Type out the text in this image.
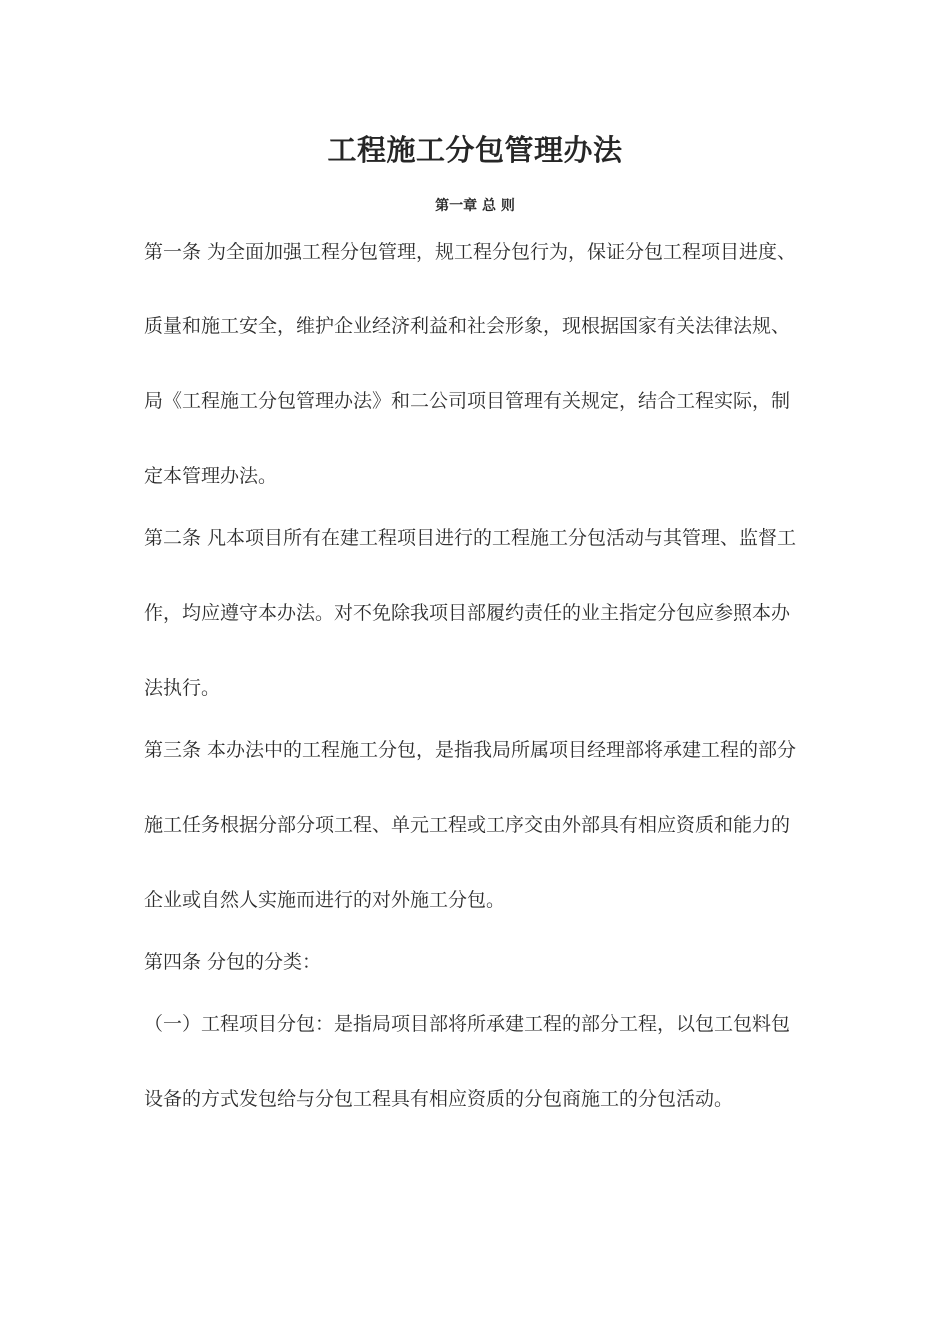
工程施工分包管理办法
第一章 总 则
第一条 为全面加强工程分包管理，规工程分包行为，保证分包工程项目进度、
质量和施工安全，维护企业经济利益和社会形象，现根据国家有关法律法规、
局《工程施工分包管理办法》和二公司项目管理有关规定，结合工程实际，制
定本管理办法。
第二条 凡本项目所有在建工程项目进行的工程施工分包活动与其管理、监督工
作，均应遵守本办法。对不免除我项目部履约责任的业主指定分包应参照本办
法执行。
第三条 本办法中的工程施工分包，是指我局所属项目经理部将承建工程的部分
施工任务根据分部分项工程、单元工程或工序交由外部具有相应资质和能力的
企业或自然人实施而进行的对外施工分包。
第四条 分包的分类：
（一）工程项目分包：是指局项目部将所承建工程的部分工程，以包工包料包
设备的方式发包给与分包工程具有相应资质的分包商施工的分包活动。
